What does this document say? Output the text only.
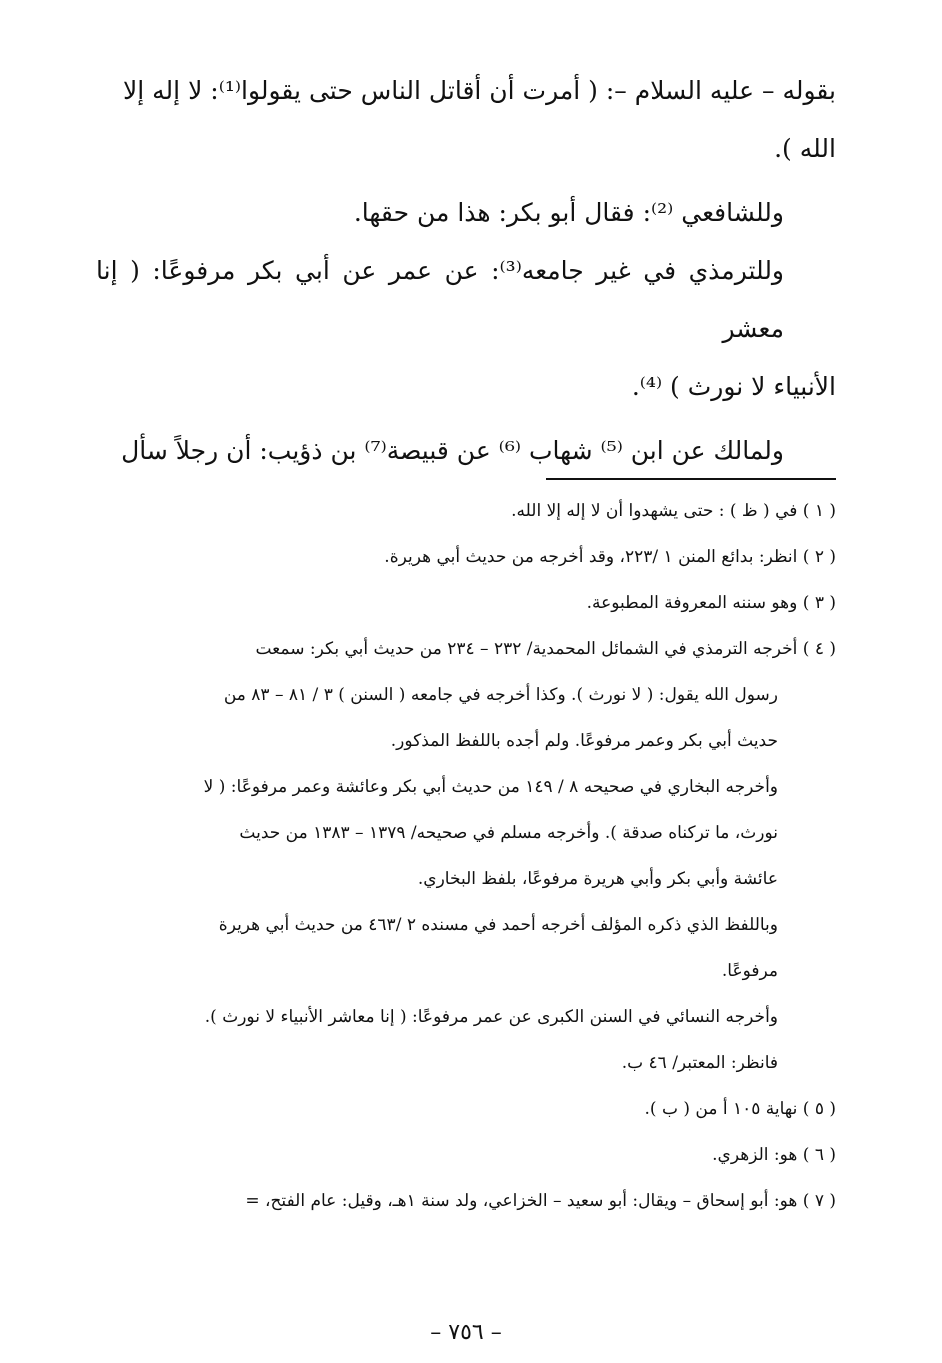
بقوله – عليه السلام –: ( أمرت أن أقاتل الناس حتى يقولوا⁽¹⁾: لا إله إلا

الله ).

وللشافعي ⁽²⁾: فقال أبو بكر: هذا من حقها.

وللترمذي في غير جامعه⁽³⁾: عن عمر عن أبي بكر مرفوعًا: ( إنا معشر

الأنبياء لا نورث ) ⁽⁴⁾.

ولمالك عن ابن ⁽⁵⁾ شهاب ⁽⁶⁾ عن قبيصة⁽⁷⁾ بن ذؤيب: أن رجلاً سأل

( ١ ) في ( ظ ) : حتى يشهدوا أن لا إله إلا الله.

( ٢ ) انظر: بدائع المنن ١ /٢٢٣، وقد أخرجه من حديث أبي هريرة.

( ٣ ) وهو سننه المعروفة المطبوعة.

( ٤ ) أخرجه الترمذي في الشمائل المحمدية/ ٢٣٢ – ٢٣٤ من حديث أبي بكر: سمعت

رسول الله يقول: ( لا نورث ). وكذا أخرجه في جامعه ( السنن ) ٣ / ٨١ – ٨٣ من

حديث أبي بكر وعمر مرفوعًا. ولم أجده باللفظ المذكور.

وأخرجه البخاري في صحيحه ٨ / ١٤٩ من حديث أبي بكر وعائشة وعمر مرفوعًا: ( لا

نورث، ما تركناه صدقة ). وأخرجه مسلم في صحيحه/ ١٣٧٩ – ١٣٨٣ من حديث

عائشة وأبي بكر وأبي هريرة مرفوعًا، بلفظ البخاري.

وباللفظ الذي ذكره المؤلف أخرجه أحمد في مسنده ٢ /٤٦٣ من حديث أبي هريرة

مرفوعًا.

وأخرجه النسائي في السنن الكبرى عن عمر مرفوعًا: ( إنا معاشر الأنبياء لا نورث ).

فانظر: المعتبر/ ٤٦ ب.

( ٥ ) نهاية ١٠٥ أ من ( ب ).

( ٦ ) هو: الزهري.

( ٧ ) هو: أبو إسحاق – ويقال: أبو سعيد – الخزاعي، ولد سنة ١هـ، وقيل: عام الفتح، =

– ٧٥٦ –
